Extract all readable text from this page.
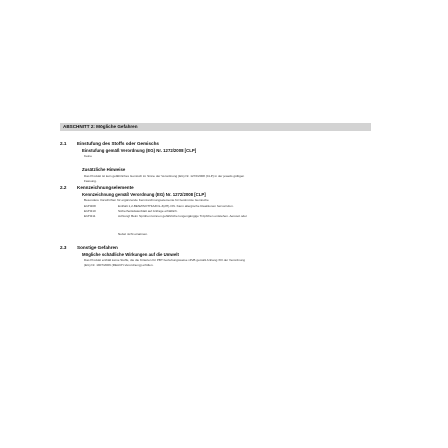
ABSCHNITT 2: Mögliche Gefahren
2.1 Einstufung des Stoffs oder Gemischs
Einstufung gemäß Verordnung (EG) Nr. 1272/2008 [CLP]
Keine
Zusätzliche Hinweise
Das Produkt ist kein gefährliches Gemisch im Sinne der Verordnung (EG) Nr. 1272/2008 (CLP) in der jeweils gültigen
Fassung.
2.2 Kennzeichnungselemente
Kennzeichnung gemäß Verordnung (EG) Nr. 1272/2008 [CLP]
Besondere Vorschriften für ergänzende Kennzeichnungselemente für bestimmte Gemische
EUH208	Enthält 1,2-BENZISOTHIAZOL-3(2H)-ON. Kann allergische Reaktionen hervorrufen.
EUH210	Sicherheitsdatenblatt auf Anfrage erhältlich.
EUH211	Achtung! Beim Sprühen können gefährliche lungengängige Tröpfchen entstehen. Aerosol oder
Nebel nicht einatmen.
2.3 Sonstige Gefahren
Mögliche schädliche Wirkungen auf die Umwelt
Das Produkt enthält keine Stoffe, die die Kriterien für PBT beziehungsweise vPvB gemäß Anhang XIII der Verordnung
(EG) Nr. 1907/2006 (REACH-Verordnung) erfüllen.
